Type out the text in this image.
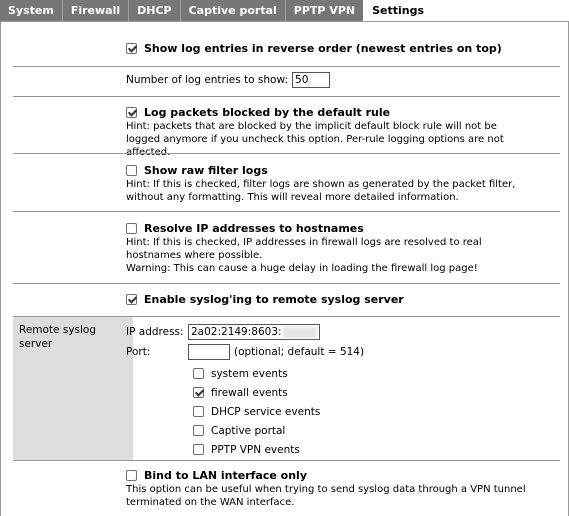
System	Firewall	DHCP	Captive portal	PPTP VPN	Settings
Show log entries in reverse order (newest entries on top)
Number of log entries to show: 50
Log packets blocked by the default rule
Hint: packets that are blocked by the implicit default block rule will not be logged anymore if you uncheck this option. Per-rule logging options are not affected.
Show raw filter logs
Hint: If this is checked, filter logs are shown as generated by the packet filter, without any formatting. This will reveal more detailed information.
Resolve IP addresses to hostnames
Hint: If this is checked, IP addresses in firewall logs are resolved to real hostnames where possible.
Warning: This can cause a huge delay in loading the firewall log page!
Enable syslog'ing to remote syslog server
Remote syslog server
IP address: 2a02:2149:8603:
Port:	(optional; default = 514)
system events
firewall events
DHCP service events
Captive portal
PPTP VPN events
Bind to LAN interface only
This option can be useful when trying to send syslog data through a VPN tunnel terminated on the WAN interface.
